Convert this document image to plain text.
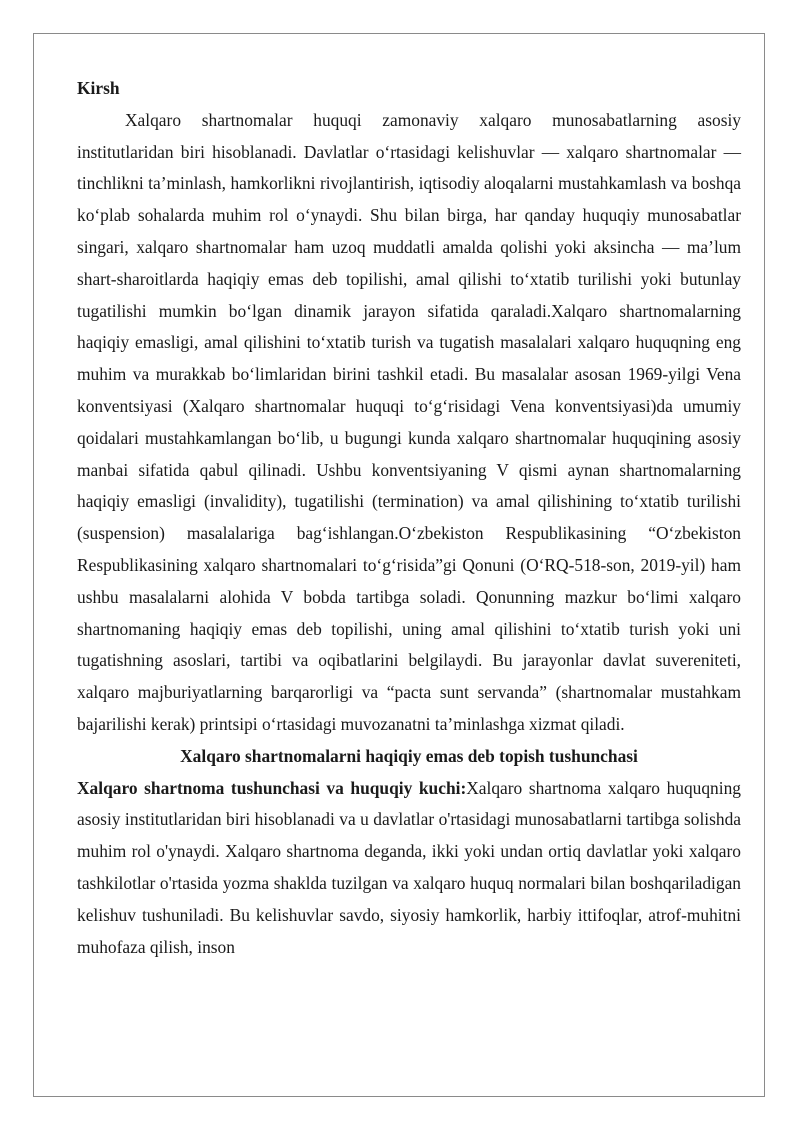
Kirsh

Xalqaro shartnomalar huquqi zamonaviy xalqaro munosabatlarning asosiy institutlaridan biri hisoblanadi. Davlatlar o‘rtasidagi kelishuvlar — xalqaro shartnomalar — tinchlikni ta’minlash, hamkorlikni rivojlantirish, iqtisodiy aloqalarni mustahkamlash va boshqa ko‘plab sohalarda muhim rol o‘ynaydi. Shu bilan birga, har qanday huquqiy munosabatlar singari, xalqaro shartnomalar ham uzoq muddatli amalda qolishi yoki aksincha — ma’lum shart-sharoitlarda haqiqiy emas deb topilishi, amal qilishi to‘xtatib turilishi yoki butunlay tugatilishi mumkin bo‘lgan dinamik jarayon sifatida qaraladi.Xalqaro shartnomalarning haqiqiy emasligi, amal qilishini to‘xtatib turish va tugatish masalalari xalqaro huquqning eng muhim va murakkab bo‘limlaridan birini tashkil etadi. Bu masalalar asosan 1969-yilgi Vena konventsiyasi (Xalqaro shartnomalar huquqi to‘g‘risidagi Vena konventsiyasi)da umumiy qoidalari mustahkamlangan bo‘lib, u bugungi kunda xalqaro shartnomalar huquqining asosiy manbai sifatida qabul qilinadi. Ushbu konventsiyaning V qismi aynan shartnomalarning haqiqiy emasligi (invalidity), tugatilishi (termination) va amal qilishining to‘xtatib turilishi (suspension) masalalariga bag‘ishlangan.O‘zbekiston Respublikasining “O‘zbekiston Respublikasining xalqaro shartnomalari to‘g‘risida”gi Qonuni (O‘RQ-518-son, 2019-yil) ham ushbu masalalarni alohida V bobda tartibga soladi. Qonunning mazkur bo‘limi xalqaro shartnomaning haqiqiy emas deb topilishi, uning amal qilishini to‘xtatib turish yoki uni tugatishning asoslari, tartibi va oqibatlarini belgilaydi. Bu jarayonlar davlat suvereniteti, xalqaro majburiyatlarning barqarorligi va “pacta sunt servanda” (shartnomalar mustahkam bajarilishi kerak) printsipi o‘rtasidagi muvozanatni ta’minlashga xizmat qiladi.

Xalqaro shartnomalarni haqiqiy emas deb topish tushunchasi

Xalqaro shartnoma tushunchasi va huquqiy kuchi:Xalqaro shartnoma xalqaro huquqning asosiy institutlaridan biri hisoblanadi va u davlatlar o'rtasidagi munosabatlarni tartibga solishda muhim rol o'ynaydi. Xalqaro shartnoma deganda, ikki yoki undan ortiq davlatlar yoki xalqaro tashkilotlar o'rtasida yozma shaklda tuzilgan va xalqaro huquq normalari bilan boshqariladigan kelishuv tushuniladi. Bu kelishuvlar savdo, siyosiy hamkorlik, harbiy ittifoqlar, atrof-muhitni muhofaza qilish, inson
